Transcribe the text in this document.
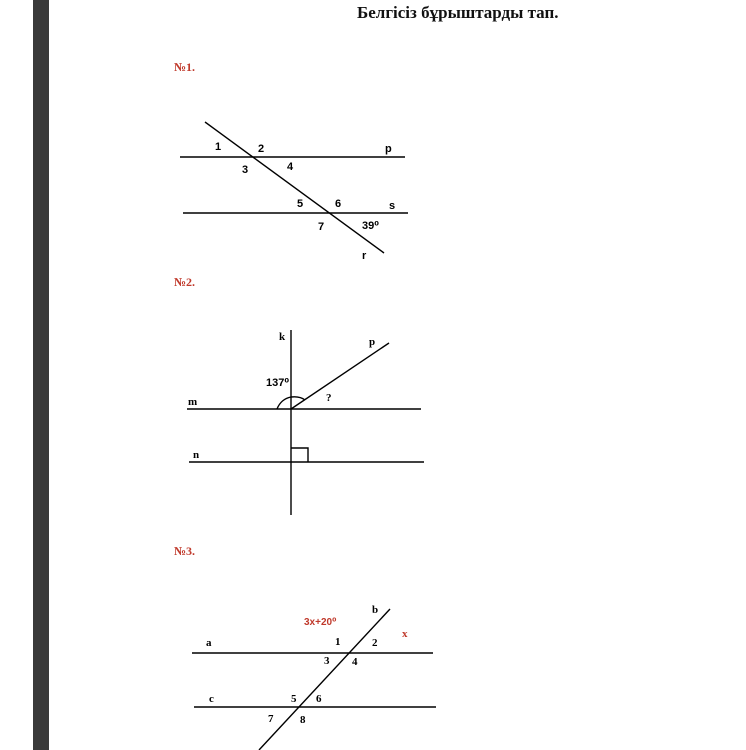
Белгісіз бұрыштарды тап.
№1.
№2.
№3.
1	2
3	4
5	6
7	39⁰
p
s
r
k	p
m
n
137⁰
?
b
a
c
1	2
3 4
5 6
7 8
3x+20⁰
x
